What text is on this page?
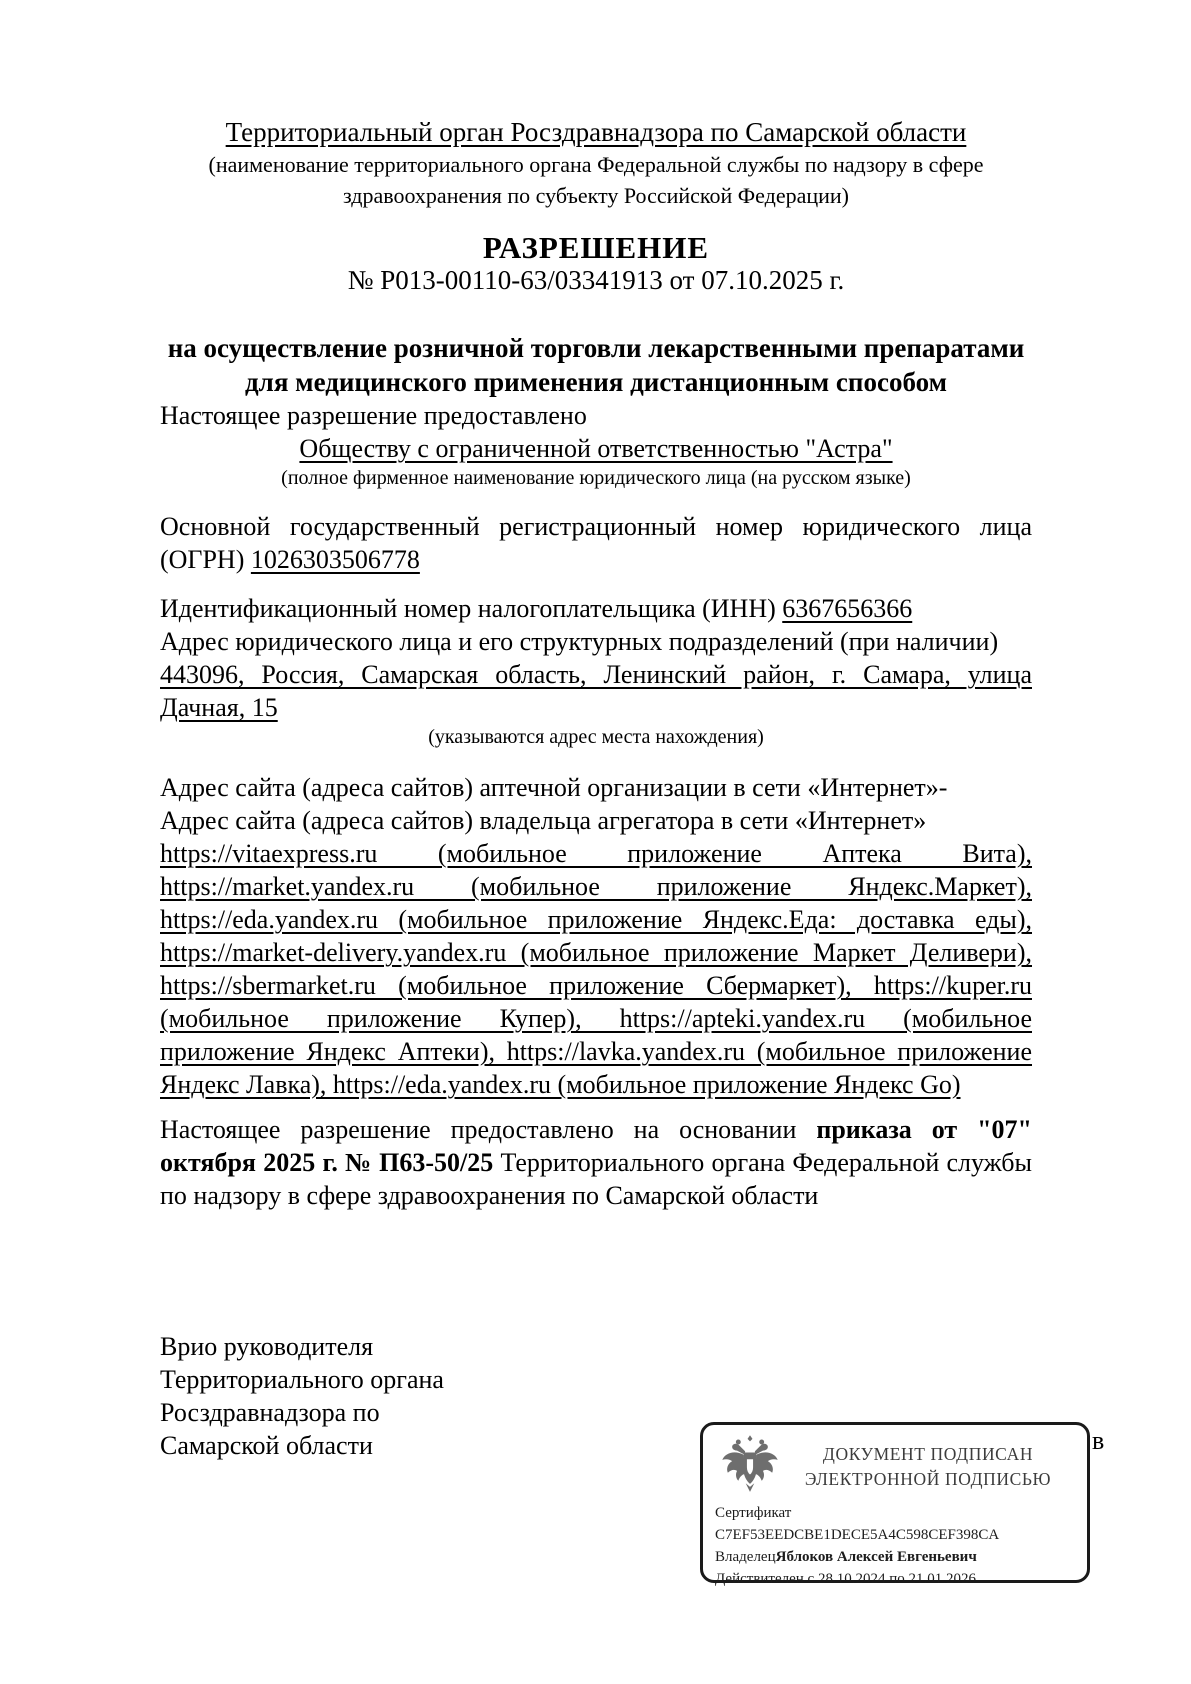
Территориальный орган Росздравнадзора по Самарской области
(наименование территориального органа Федеральной службы по надзору в сфере здравоохранения по субъекту Российской Федерации)
РАЗРЕШЕНИЕ
№ Р013-00110-63/03341913 от 07.10.2025 г.
на осуществление розничной торговли лекарственными препаратами для медицинского применения дистанционным способом
Настоящее разрешение предоставлено
Обществу с ограниченной ответственностью "Астра"
(полное фирменное наименование юридического лица (на русском языке)
Основной государственный регистрационный номер юридического лица (ОГРН) 1026303506778
Идентификационный номер налогоплательщика (ИНН) 6367656366
Адрес юридического лица и его структурных подразделений (при наличии)
443096, Россия, Самарская область, Ленинский район, г. Самара, улица Дачная, 15
(указываются адрес места нахождения)
Адрес сайта (адреса сайтов) аптечной организации в сети «Интернет»-
Адрес сайта (адреса сайтов) владельца агрегатора в сети «Интернет»
https://vitaexpress.ru (мобильное приложение Аптека Вита), https://market.yandex.ru (мобильное приложение Яндекс.Маркет), https://eda.yandex.ru (мобильное приложение Яндекс.Еда: доставка еды), https://market-delivery.yandex.ru (мобильное приложение Маркет Деливери), https://sbermarket.ru (мобильное приложение Сбермаркет), https://kuper.ru (мобильное приложение Купер), https://apteki.yandex.ru (мобильное приложение Яндекс Аптеки), https://lavka.yandex.ru (мобильное приложение Яндекс Лавка), https://eda.yandex.ru (мобильное приложение Яндекс Go)
Настоящее разрешение предоставлено на основании приказа от "07" октября 2025 г. № П63-50/25 Территориального органа Федеральной службы по надзору в сфере здравоохранения по Самарской области
Врио руководителя
Территориального органа
Росздравнадзора по
Самарской области	в
ДОКУМЕНТ ПОДПИСАН
ЭЛЕКТРОННОЙ ПОДПИСЬЮ
Сертификат C7EF53EEDCBE1DECE5A4C598CEF398CA
ВладелецЯблоков Алексей Евгеньевич
Действителен с 28.10.2024 по 21.01.2026
